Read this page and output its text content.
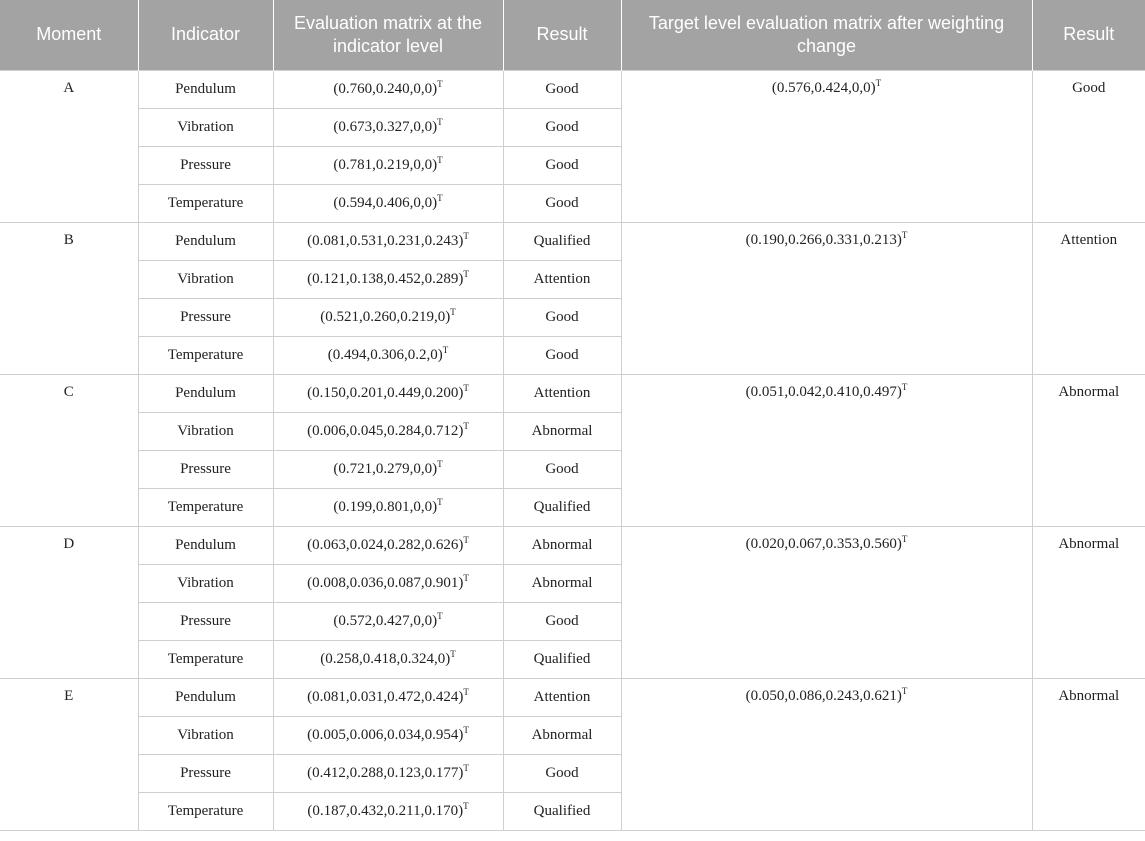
Moment	Indicator	Evaluation matrix at the indicator level	Result	Target level evaluation matrix after weighting change	Result
A	Pendulum	$(0.760,0.240,0,0)^T$	Good	$(0.576,0.424,0,0)^T$	Good
	Vibration	$(0.673,0.327,0,0)^T$	Good		
	Pressure	$(0.781,0.219,0,0)^T$	Good		
	Temperature	$(0.594,0.406,0,0)^T$	Good		
B	Pendulum	$(0.081,0.531,0.231,0.243)^T$	Qualified	$(0.190,0.266,0.331,0.213)^T$	Attention
	Vibration	$(0.121,0.138,0.452,0.289)^T$	Attention		
	Pressure	$(0.521,0.260,0.219,0)^T$	Good		
	Temperature	$(0.494,0.306,0.2,0)^T$	Good		
C	Pendulum	$(0.150,0.201,0.449,0.200)^T$	Attention	$(0.051,0.042,0.410,0.497)^T$	Abnormal
	Vibration	$(0.006,0.045,0.284,0.712)^T$	Abnormal		
	Pressure	$(0.721,0.279,0,0)^T$	Good		
	Temperature	$(0.199,0.801,0,0)^T$	Qualified		
D	Pendulum	$(0.063,0.024,0.282,0.626)^T$	Abnormal	$(0.020,0.067,0.353,0.560)^T$	Abnormal
	Vibration	$(0.008,0.036,0.087,0.901)^T$	Abnormal		
	Pressure	$(0.572,0.427,0,0)^T$	Good		
	Temperature	$(0.258,0.418,0.324,0)^T$	Qualified		
E	Pendulum	$(0.081,0.031,0.472,0.424)^T$	Attention	$(0.050,0.086,0.243,0.621)^T$	Abnormal
	Vibration	$(0.005,0.006,0.034,0.954)^T$	Abnormal		
	Pressure	$(0.412,0.288,0.123,0.177)^T$	Good		
	Temperature	$(0.187,0.432,0.211,0.170)^T$	Qualified		
